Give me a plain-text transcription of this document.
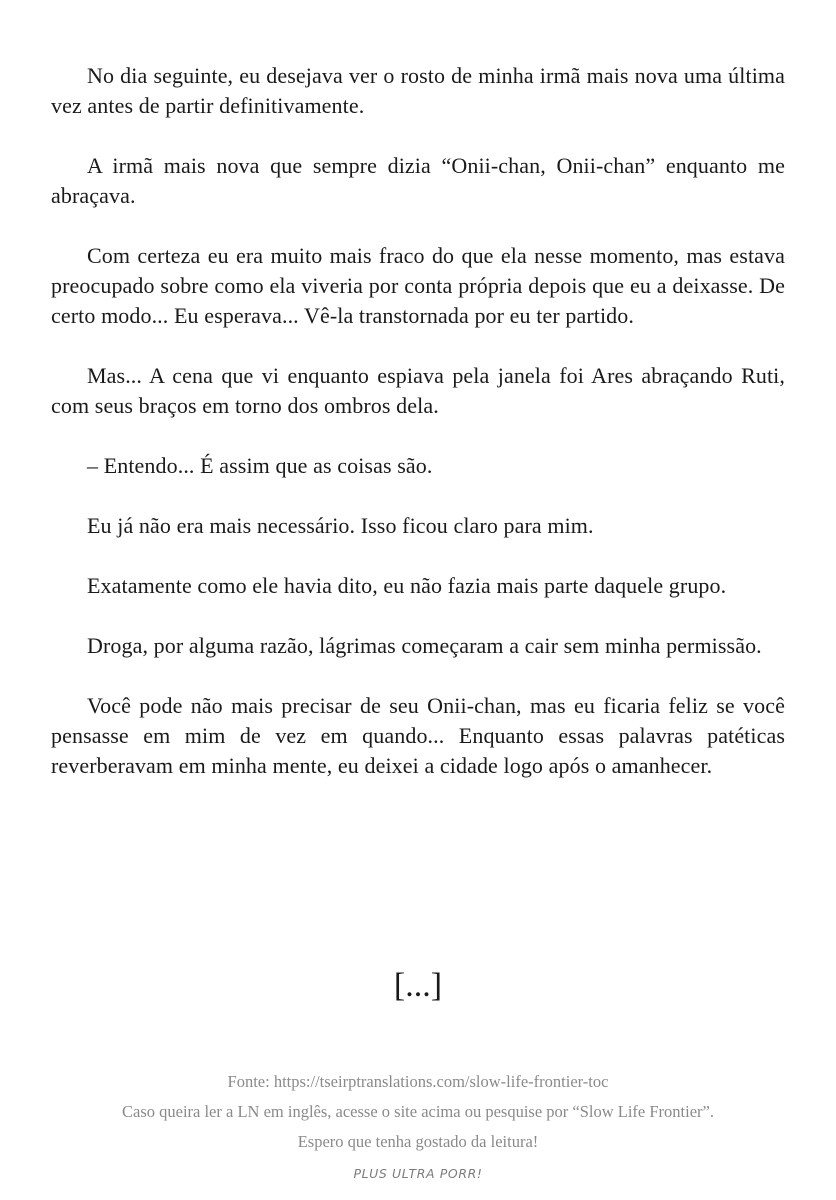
No dia seguinte, eu desejava ver o rosto de minha irmã mais nova uma última vez antes de partir definitivamente.

A irmã mais nova que sempre dizia “Onii-chan, Onii-chan” enquanto me abraçava.

Com certeza eu era muito mais fraco do que ela nesse momento, mas estava preocupado sobre como ela viveria por conta própria depois que eu a deixasse. De certo modo... Eu esperava... Vê-la transtornada por eu ter partido.

Mas... A cena que vi enquanto espiava pela janela foi Ares abraçando Ruti, com seus braços em torno dos ombros dela.

– Entendo... É assim que as coisas são.

Eu já não era mais necessário. Isso ficou claro para mim.

Exatamente como ele havia dito, eu não fazia mais parte daquele grupo.

Droga, por alguma razão, lágrimas começaram a cair sem minha permissão.

Você pode não mais precisar de seu Onii-chan, mas eu ficaria feliz se você pensasse em mim de vez em quando... Enquanto essas palavras patéticas reverberavam em minha mente, eu deixei a cidade logo após o amanhecer.

[...]
Fonte: https://tseirptranslations.com/slow-life-frontier-toc
Caso queira ler a LN em inglês, acesse o site acima ou pesquise por “Slow Life Frontier”.
Espero que tenha gostado da leitura!
PLUS ULTRA PORR!
